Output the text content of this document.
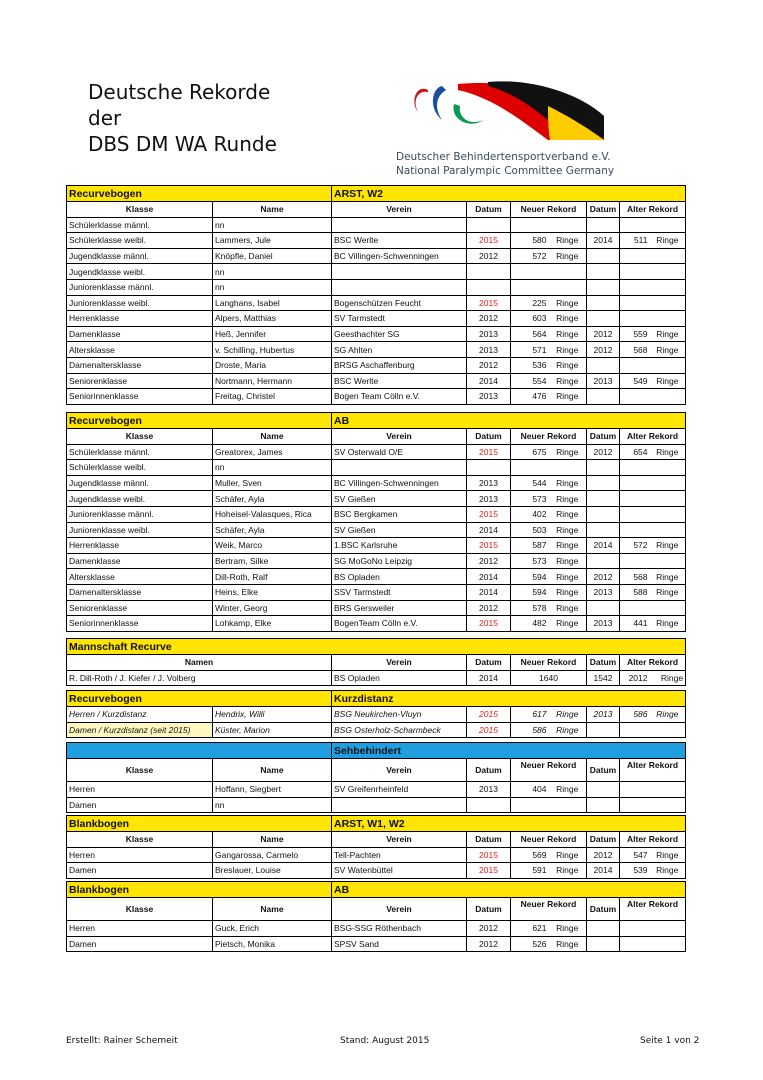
Deutsche Rekorde
der
DBS DM WA Runde
Deutscher Behindertensportverband e.V.
National Paralympic Committee Germany
Recurvebogen		ARST, W2						
Klasse	Name	Verein	Datum	Neuer Rekord		Datum	Alter Rekord	
Schülerklasse männl.	nn							
Schülerklasse weibl.	Lammers, Jule	BSC Werlte	2015	580	Ringe	2014	511	Ringe
Jugendklasse männl.	Knöpfle, Daniel	BC Villingen-Schwenningen	2012	572	Ringe			
Jugendklasse weibl.	nn							
Juniorenklasse männl.	nn							
Juniorenklasse weibl.	Langhans, Isabel	Bogenschützen Feucht	2015	225	Ringe			
Herrenklasse	Alpers, Matthias	SV Tarmstedt	2012	603	Ringe			
Damenklasse	Heß, Jennifer	Geesthachter SG	2013	564	Ringe	2012	559	Ringe
Altersklasse	v. Schilling, Hubertus	SG Ahlten	2013	571	Ringe	2012	568	Ringe
Damenaltersklasse	Droste, Maria	BRSG Aschaffenburg	2012	536	Ringe			
Seniorenklasse	Nortmann, Hermann	BSC Werlte	2014	554	Ringe	2013	549	Ringe
Seniorinnenklasse	Freitag, Christel	Bogen Team Cölln e.V.	2013	476	Ringe			
Recurvebogen		AB						
Klasse	Name	Verein	Datum	Neuer Rekord		Datum	Alter Rekord	
Schülerklasse männl.	Greatorex, James	SV Osterwald O/E	2015	675	Ringe	2012	654	Ringe
Schülerklasse weibl.	nn							
Jugendklasse männl.	Muller, Sven	BC Villingen-Schwenningen	2013	544	Ringe			
Jugendklasse weibl.	Schäfer, Ayla	SV Gießen	2013	573	Ringe			
Juniorenklasse männl.	Hoheisel-Valasques, Rica	BSC Bergkamen	2015	402	Ringe			
Juniorenklasse weibl.	Schäfer, Ayla	SV Gießen	2014	503	Ringe			
Herrenklasse	Weik, Marco	1.BSC Karlsruhe	2015	587	Ringe	2014	572	Ringe
Damenklasse	Bertram, Silke	SG MoGoNo Leipzig	2012	573	Ringe			
Altersklasse	Dill-Roth, Ralf	BS Opladen	2014	594	Ringe	2012	568	Ringe
Damenaltersklasse	Heins, Elke	SSV Tarmstedt	2014	594	Ringe	2013	588	Ringe
Seniorenklasse	Winter, Georg	BRS Gersweiler	2012	578	Ringe			
Seniorinnenklasse	Lohkamp, Elke	BogenTeam Cölln e.V.	2015	482	Ringe	2013	441	Ringe
Mannschaft Recurve						
Namen	Verein	Datum	Neuer Rekord	Datum	Alter Rekord	
R. Dill-Roth / J. Kiefer / J. Volberg	BS Opladen	2014	1640	1542	2012	Ringe
Recurvebogen		Kurzdistanz						
Herren / Kurzdistanz	Hendrix, Willi	BSG Neukirchen-Vluyn	2015	617	Ringe	2013	586	Ringe
Damen / Kurzdistanz (seit 2015)	Küster, Marion	BSG Osterholz-Scharmbeck	2015	586	Ringe			
		Sehbehindert						
Klasse	Name	Verein	Datum	Neuer Rekord		Datum	Alter Rekord	
Herren	Hoffann, Siegbert	SV Greifenrheinfeld	2013	404	Ringe			
Damen	nn							
Blankbogen		ARST, W1, W2						
Klasse	Name	Verein	Datum	Neuer Rekord		Datum	Alter Rekord	
Herren	Gangarossa, Carmelo	Tell-Pachten	2015	569	Ringe	2012	547	Ringe
Damen	Breslauer, Louise	SV Watenbüttel	2015	591	Ringe	2014	539	Ringe
Blankbogen		AB						
Klasse	Name	Verein	Datum	Neuer Rekord		Datum	Alter Rekord	
Herren	Guck, Erich	BSG-SSG Röthenbach	2012	621	Ringe			
Damen	Pietsch, Monika	SPSV Sand	2012	526	Ringe			
Erstellt: Rainer Schemeit	Stand: August 2015	Seite 1 von 2
